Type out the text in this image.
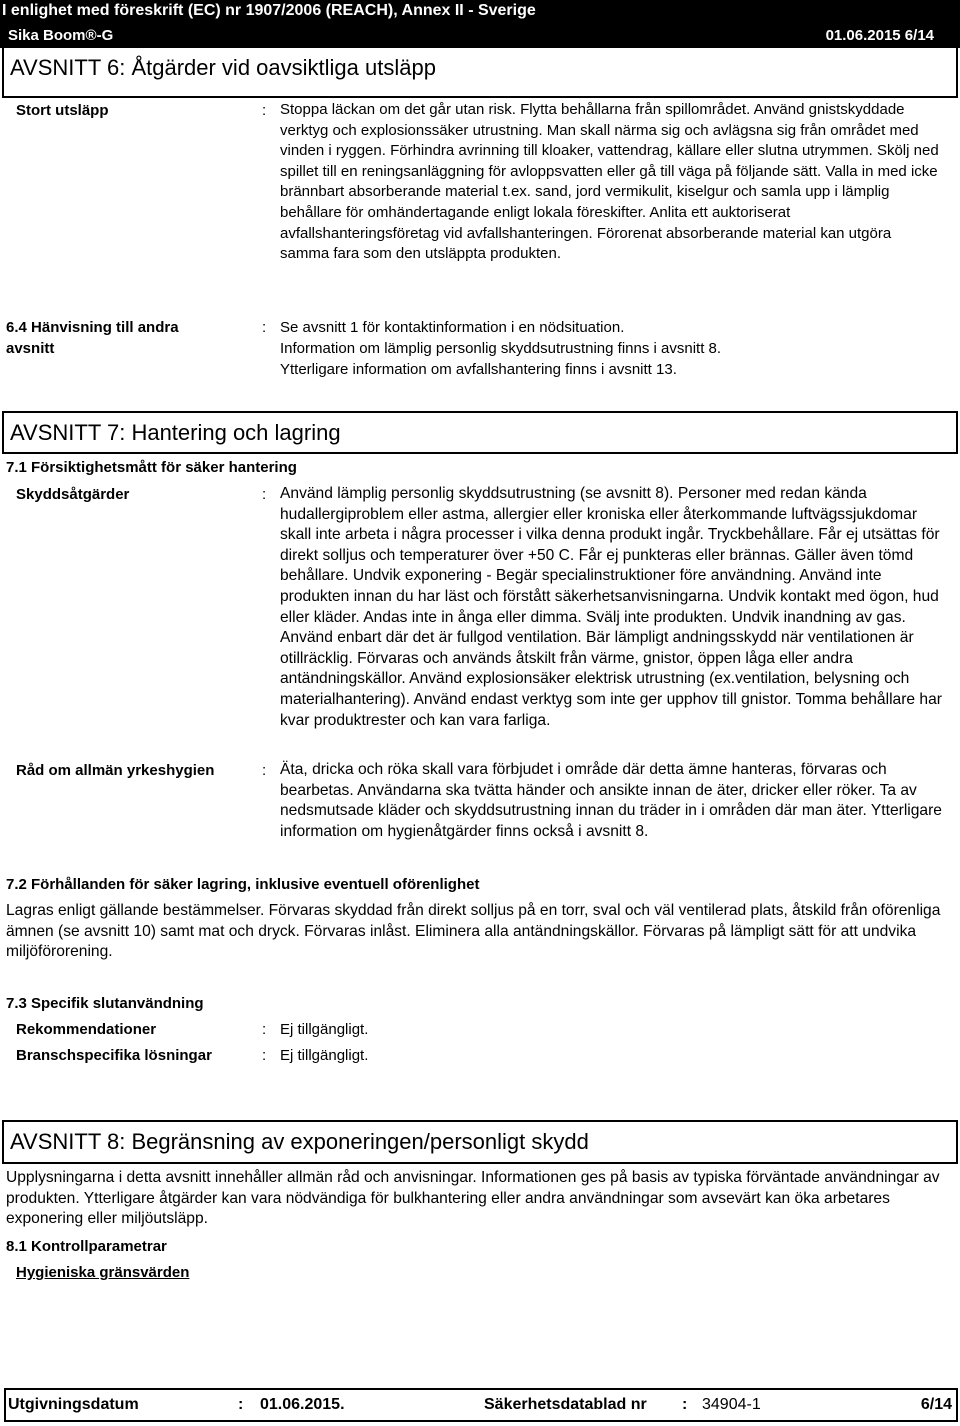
I enlighet med föreskrift (EC) nr 1907/2006 (REACH), Annex II - Sverige
Sika Boom®-G	01.06.2015 6/14
AVSNITT 6: Åtgärder vid oavsiktliga utsläpp
Stort utsläpp	: Stoppa läckan om det går utan risk. Flytta behållarna från spillområdet. Använd gnistskyddade verktyg och explosionssäker utrustning. Man skall närma sig och avlägsna sig från området med vinden i ryggen. Förhindra avrinning till kloaker, vattendrag, källare eller slutna utrymmen. Skölj ned spillet till en reningsanläggning för avloppsvatten eller gå till väga på följande sätt. Valla in med icke brännbart absorberande material t.ex. sand, jord vermikulit, kiselgur och samla upp i lämplig behållare för omhändertagande enligt lokala föreskifter. Anlita ett auktoriserat avfallshanteringsföretag vid avfallshanteringen. Förorenat absorberande material kan utgöra samma fara som den utsläppta produkten.
6.4 Hänvisning till andra
avsnitt
: Se avsnitt 1 för kontaktinformation i en nödsituation.
Information om lämplig personlig skyddsutrustning finns i avsnitt 8.
Ytterligare information om avfallshantering finns i avsnitt 13.
AVSNITT 7: Hantering och lagring
7.1 Försiktighetsmått för säker hantering
Skyddsåtgärder	: Använd lämplig personlig skyddsutrustning (se avsnitt 8). Personer med redan kända hudallergiproblem eller astma, allergier eller kroniska eller återkommande luftvägssjukdomar skall inte arbeta i några processer i vilka denna produkt ingår. Tryckbehållare. Får ej utsättas för direkt solljus och temperaturer över +50 C. Får ej punkteras eller brännas. Gäller även tömd behållare. Undvik exponering - Begär specialinstruktioner före användning. Använd inte produkten innan du har läst och förstått säkerhetsanvisningarna. Undvik kontakt med ögon, hud eller kläder. Andas inte in ånga eller dimma. Svälj inte produkten. Undvik inandning av gas. Använd enbart där det är fullgod ventilation. Bär lämpligt andningsskydd när ventilationen är otillräcklig. Förvaras och används åtskilt från värme, gnistor, öppen låga eller andra antändningskällor. Använd explosionsäker elektrisk utrustning (ex.ventilation, belysning och materialhantering). Använd endast verktyg som inte ger upphov till gnistor. Tomma behållare har kvar produktrester och kan vara farliga.
Råd om allmän yrkeshygien	: Äta, dricka och röka skall vara förbjudet i område där detta ämne hanteras, förvaras och bearbetas. Användarna ska tvätta händer och ansikte innan de äter, dricker eller röker. Ta av nedsmutsade kläder och skyddsutrustning innan du träder in i områden där man äter. Ytterligare information om hygienåtgärder finns också i avsnitt 8.
7.2 Förhållanden för säker lagring, inklusive eventuell oförenlighet
Lagras enligt gällande bestämmelser. Förvaras skyddad från direkt solljus på en torr, sval och väl ventilerad plats, åtskild från oförenliga ämnen (se avsnitt 10) samt mat och dryck. Förvaras inlåst. Eliminera alla antändningskällor. Förvaras på lämpligt sätt för att undvika miljöförorening.
7.3 Specifik slutanvändning
Rekommendationer	: Ej tillgängligt.
Branschspecifika lösningar	: Ej tillgängligt.
AVSNITT 8: Begränsning av exponeringen/personligt skydd
Upplysningarna i detta avsnitt innehåller allmän råd och anvisningar. Informationen ges på basis av typiska förväntade användningar av produkten. Ytterligare åtgärder kan vara nödvändiga för bulkhantering eller andra användningar som avsevärt kan öka arbetares exponering eller miljöutsläpp.
8.1 Kontrollparametrar
Hygieniska gränsvärden
Utgivningsdatum	: 01.06.2015.	Säkerhetsdatablad nr : 34904-1	6/14
